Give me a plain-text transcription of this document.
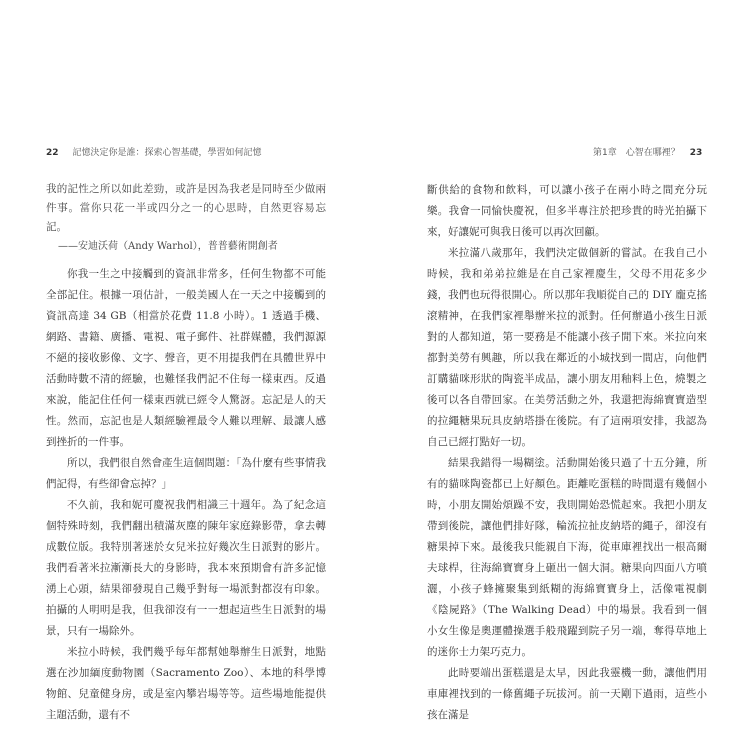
22 記憶決定你是誰：探索心智基礎，學習如何記憶	第1章　心智在哪裡？ 23

我的記性之所以如此差勁，或許是因為我老是同時至少做兩件事。當你只花一半或四分之一的心思時，自然更容易忘記。

——安迪沃荷（Andy Warhol），普普藝術開創者

你我一生之中接觸到的資訊非常多，任何生物都不可能全部記住。根據一項估計，一般美國人在一天之中接觸到的資訊高達 34 GB（相當於花費 11.8 小時）。1 透過手機、網路、書籍、廣播、電視、電子郵件、社群媒體，我們源源不絕的接收影像、文字、聲音，更不用提我們在具體世界中活動時數不清的經驗，也難怪我們記不住每一樣東西。反過來說，能記住任何一樣東西就已經令人驚訝。忘記是人的天性。然而，忘記也是人類經驗裡最令人難以理解、最讓人感到挫折的一件事。

所以，我們很自然會產生這個問題：「為什麼有些事情我們記得，有些卻會忘掉？」

不久前，我和妮可慶祝我們相識三十週年。為了紀念這個特殊時刻，我們翻出積滿灰塵的陳年家庭錄影帶，拿去轉成數位版。我特別著迷於女兒米拉好幾次生日派對的影片。我們看著米拉漸漸長大的身影時，我本來預期會有許多記憶湧上心頭，結果卻發現自己幾乎對每一場派對都沒有印象。拍攝的人明明是我，但我卻沒有一一想起這些生日派對的場景，只有一場除外。

米拉小時候，我們幾乎每年都幫她舉辦生日派對，地點選在沙加緬度動物園（Sacramento Zoo）、本地的科學博物館、兒童健身房，或是室內攀岩場等等。這些場地能提供主題活動，還有不

斷供給的食物和飲料，可以讓小孩子在兩小時之間充分玩樂。我會一同愉快慶祝，但多半專注於把珍貴的時光拍攝下來，好讓妮可與我日後可以再次回顧。

米拉滿八歲那年，我們決定做個新的嘗試。在我自己小時候，我和弟弟拉維是在自己家裡慶生，父母不用花多少錢，我們也玩得很開心。所以那年我順從自己的 DIY 龐克搖滾精神，在我們家裡舉辦米拉的派對。任何辦過小孩生日派對的人都知道，第一要務是不能讓小孩子閒下來。米拉向來都對美勞有興趣，所以我在鄰近的小城找到一間店，向他們訂購貓咪形狀的陶瓷半成品，讓小朋友用釉料上色，燒製之後可以各自帶回家。在美勞活動之外，我還把海綿寶寶造型的拉繩糖果玩具皮納塔掛在後院。有了這兩項安排，我認為自己已經打點好一切。

結果我錯得一場糊塗。活動開始後只過了十五分鐘，所有的貓咪陶瓷都已上好顏色。距離吃蛋糕的時間還有幾個小時，小朋友開始煩躁不安，我則開始恐慌起來。我把小朋友帶到後院，讓他們排好隊，輪流拉扯皮納塔的繩子，卻沒有糖果掉下來。最後我只能親自下海，從車庫裡找出一根高爾夫球桿，往海綿寶寶身上砸出一個大洞。糖果向四面八方噴灑，小孩子蜂擁聚集到紙糊的海綿寶寶身上，活像電視劇《陰屍路》（The Walking Dead）中的場景。我看到一個小女生像是奧運體操選手般飛躍到院子另一端，奪得草地上的迷你士力架巧克力。

此時要端出蛋糕還是太早，因此我靈機一動，讓他們用車庫裡找到的一條舊繩子玩拔河。前一天剛下過雨，這些小孩在滿是
